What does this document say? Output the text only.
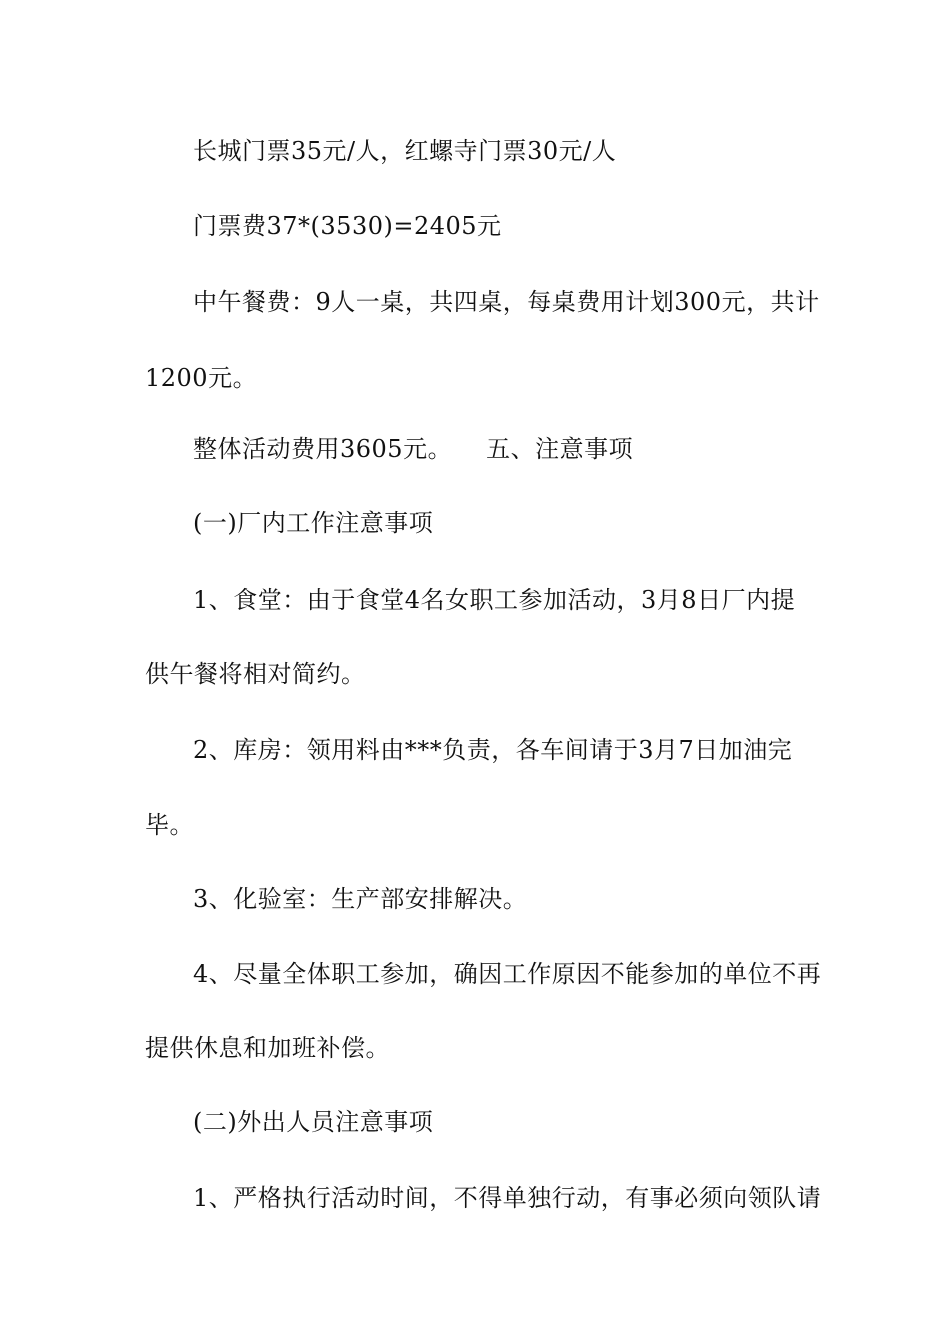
长城门票35元/人，红螺寺门票30元/人
门票费37*(3530)=2405元
中午餐费：9人一桌，共四桌，每桌费用计划300元，共计
1200元。
整体活动费用3605元。 五、注意事项
(一)厂内工作注意事项
1、食堂：由于食堂4名女职工参加活动，3月8日厂内提
供午餐将相对简约。
2、库房：领用料由***负责，各车间请于3月7日加油完
毕。
3、化验室：生产部安排解决。
4、尽量全体职工参加，确因工作原因不能参加的单位不再
提供休息和加班补偿。
(二)外出人员注意事项
1、严格执行活动时间，不得单独行动，有事必须向领队请
